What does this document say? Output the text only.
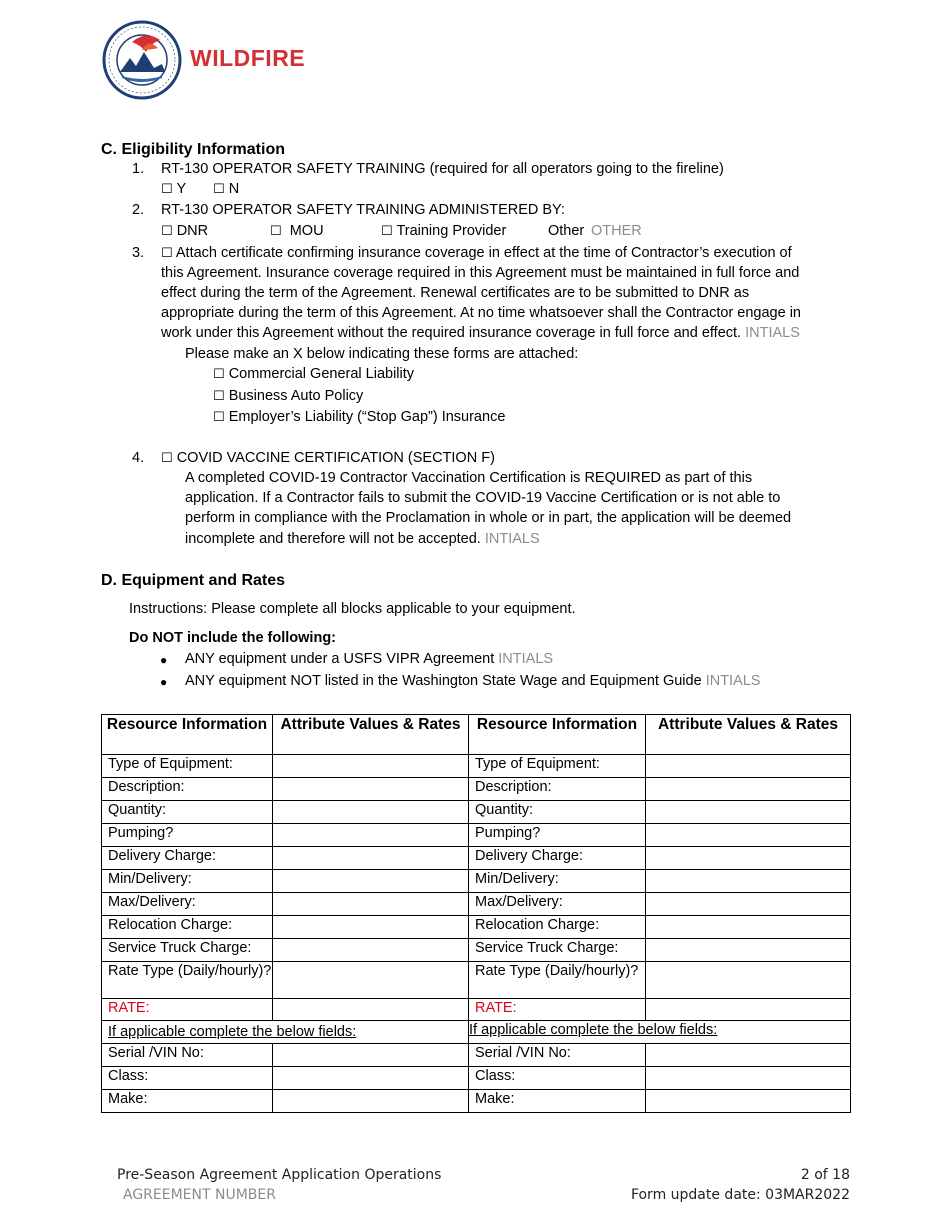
WILDFIRE
C. Eligibility Information
1. RT-130 OPERATOR SAFETY TRAINING (required for all operators going to the fireline)
☐ Y ☐ N
2. RT-130 OPERATOR SAFETY TRAINING ADMINISTERED BY:
☐ DNR	☐ MOU	☐ Training Provider	Other OTHER
3. ☐ Attach certificate confirming insurance coverage in effect at the time of Contractor’s execution of
this Agreement. Insurance coverage required in this Agreement must be maintained in full force and
effect during the term of the Agreement. Renewal certificates are to be submitted to DNR as
appropriate during the term of this Agreement. At no time whatsoever shall the Contractor engage in
work under this Agreement without the required insurance coverage in full force and effect. INTIALS
Please make an X below indicating these forms are attached:
☐ Commercial General Liability
☐ Business Auto Policy
☐ Employer’s Liability (“Stop Gap”) Insurance
4. ☐ COVID VACCINE CERTIFICATION (SECTION F)
A completed COVID-19 Contractor Vaccination Certification is REQUIRED as part of this
application. If a Contractor fails to submit the COVID-19 Vaccine Certification or is not able to
perform in compliance with the Proclamation in whole or in part, the application will be deemed
incomplete and therefore will not be accepted. INTIALS
D. Equipment and Rates
Instructions: Please complete all blocks applicable to your equipment.
Do NOT include the following:
● ANY equipment under a USFS VIPR Agreement INTIALS
● ANY equipment NOT listed in the Washington State Wage and Equipment Guide INTIALS
Resource Information	Attribute Values & Rates	Resource Information	Attribute Values & Rates
Type of Equipment:		Type of Equipment:	
Description:		Description:	
Quantity:		Quantity:	
Pumping?		Pumping?	
Delivery Charge:		Delivery Charge:	
Min/Delivery:		Min/Delivery:	
Max/Delivery:		Max/Delivery:	
Relocation Charge:		Relocation Charge:	
Service Truck Charge:		Service Truck Charge:	
Rate Type (Daily/hourly)?		Rate Type (Daily/hourly)?	
RATE:		RATE:	
If applicable complete the below fields:		If applicable complete the below fields:	
Serial /VIN No:		Serial /VIN No:	
Class:		Class:	
Make:		Make:	
Pre-Season Agreement Application Operations
AGREEMENT NUMBER
2 of 18
Form update date: 03MAR2022
